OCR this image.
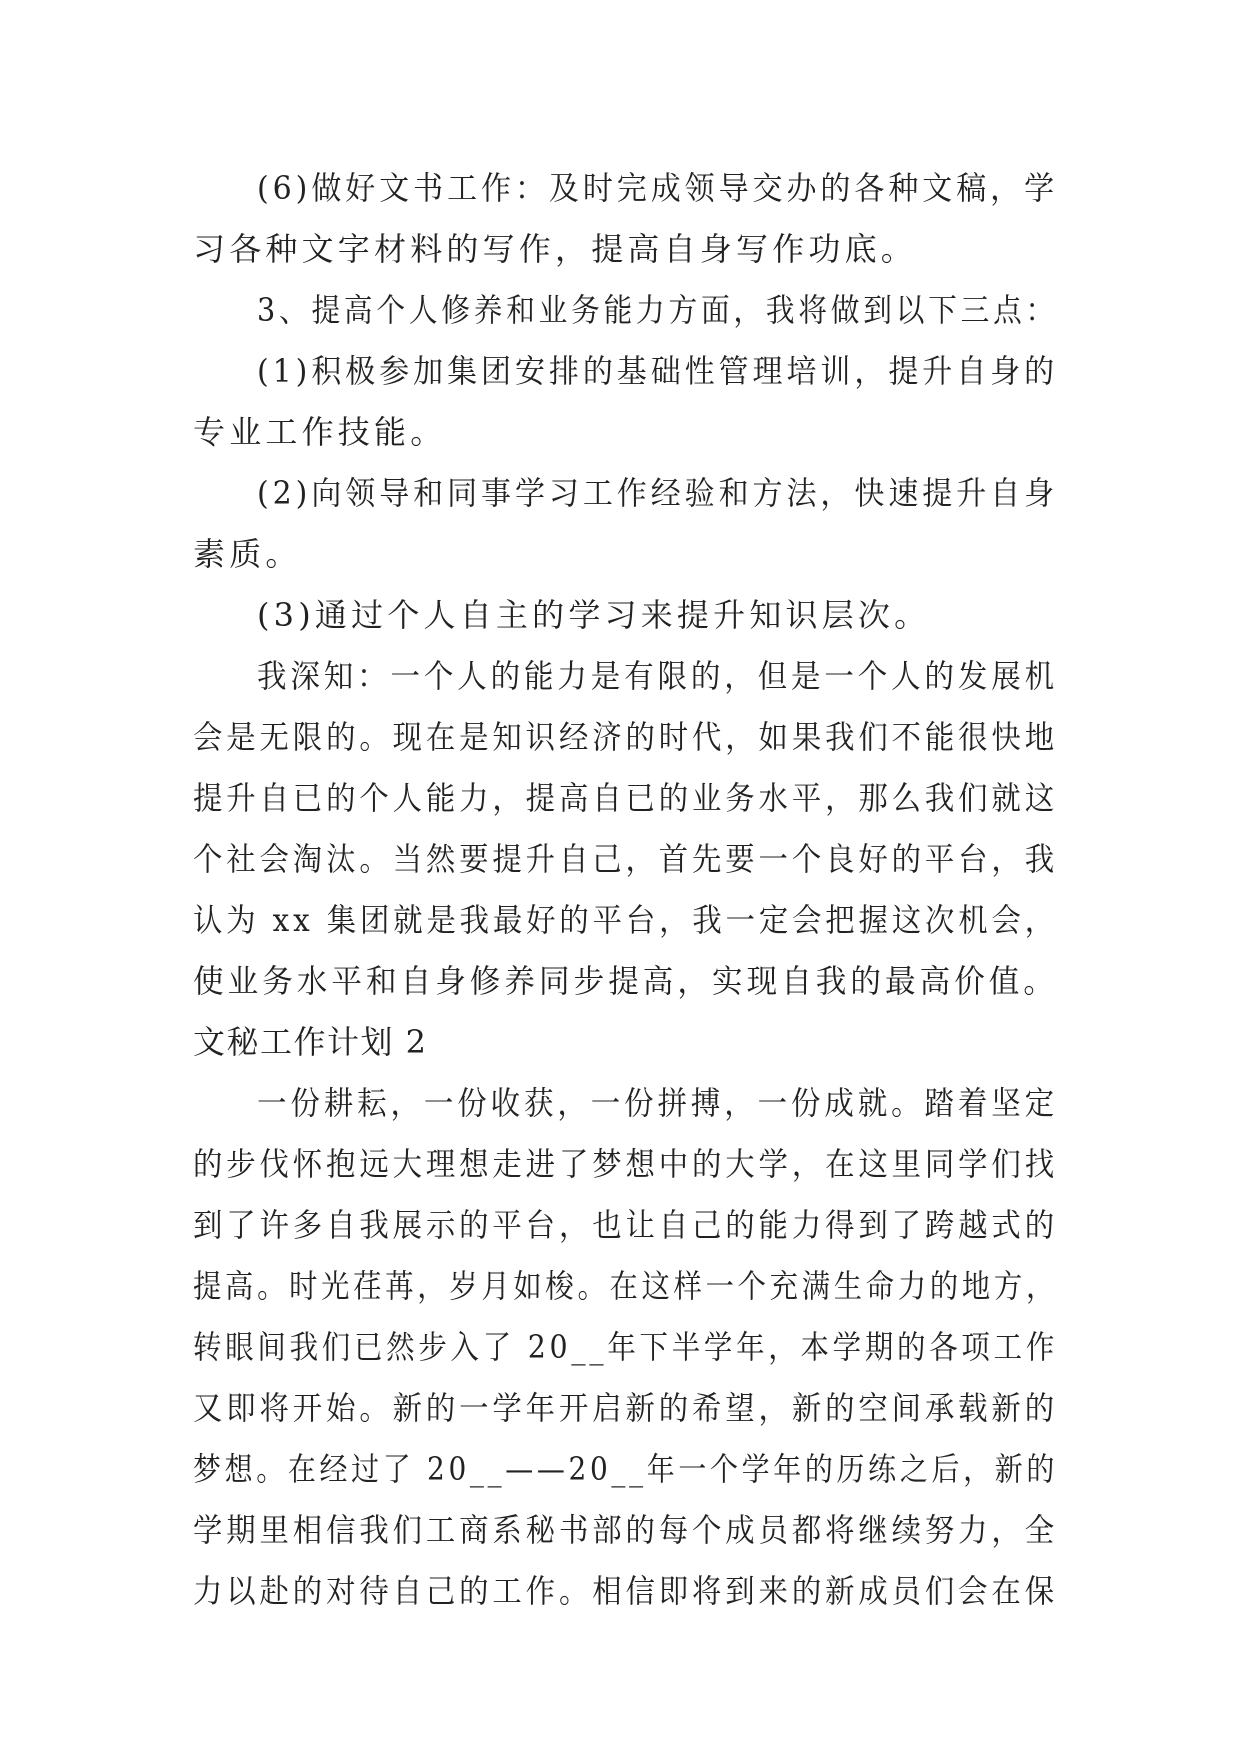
(6)做好文书工作：及时完成领导交办的各种文稿，学
习各种文字材料的写作，提高自身写作功底。
3、提高个人修养和业务能力方面，我将做到以下三点：
(1)积极参加集团安排的基础性管理培训，提升自身的
专业工作技能。
(2)向领导和同事学习工作经验和方法，快速提升自身
素质。
(3)通过个人自主的学习来提升知识层次。
我深知：一个人的能力是有限的，但是一个人的发展机
会是无限的。现在是知识经济的时代，如果我们不能很快地
提升自已的个人能力，提高自已的业务水平，那么我们就这
个社会淘汰。当然要提升自己，首先要一个良好的平台，我
认为 xx 集团就是我最好的平台，我一定会把握这次机会，
使业务水平和自身修养同步提高，实现自我的最高价值。
文秘工作计划 2
一份耕耘，一份收获，一份拼搏，一份成就。踏着坚定
的步伐怀抱远大理想走进了梦想中的大学，在这里同学们找
到了许多自我展示的平台，也让自己的能力得到了跨越式的
提高。时光荏苒，岁月如梭。在这样一个充满生命力的地方，
转眼间我们已然步入了 20__年下半学年，本学期的各项工作
又即将开始。新的一学年开启新的希望，新的空间承载新的
梦想。在经过了 20__——20__年一个学年的历练之后，新的
学期里相信我们工商系秘书部的每个成员都将继续努力，全
力以赴的对待自己的工作。相信即将到来的新成员们会在保
